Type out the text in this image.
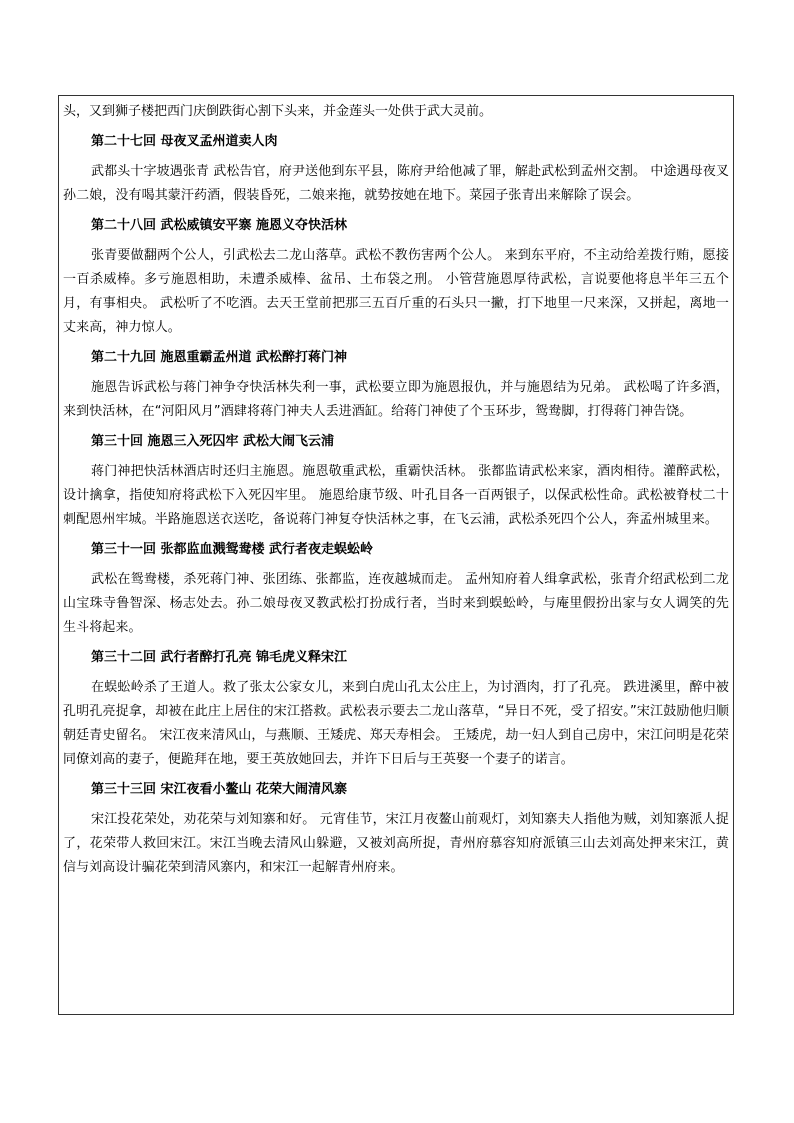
头，又到狮子楼把西门庆倒跌街心割下头来，并金莲头一处供于武大灵前。
第二十七回 母夜叉孟州道卖人肉
武都头十字坡遇张青 武松告官，府尹送他到东平县，陈府尹给他减了罪，解赴武松到孟州交割。 中途遇母夜叉孙二娘，没有喝其蒙汗药酒，假装昏死，二娘来拖，就势按她在地下。菜园子张青出来解除了误会。
第二十八回 武松威镇安平寨 施恩义夺快活林
张青要做翻两个公人，引武松去二龙山落草。武松不教伤害两个公人。 来到东平府，不主动给差拨行贿，愿接一百杀威棒。多亏施恩相助，未遭杀威棒、盆吊、土布袋之刑。 小管营施恩厚待武松，言说要他将息半年三五个月，有事相央。 武松听了不吃酒。去天王堂前把那三五百斤重的石头只一撇，打下地里一尺来深，又拼起，离地一丈来高，神力惊人。
第二十九回 施恩重霸孟州道 武松醉打蒋门神
施恩告诉武松与蒋门神争夺快活林失利一事，武松要立即为施恩报仇，并与施恩结为兄弟。 武松喝了许多酒，来到快活林，在“河阳风月”酒肆将蒋门神夫人丢进酒缸。给蒋门神使了个玉环步，鸳鸯脚，打得蒋门神告饶。
第三十回 施恩三入死囚牢 武松大闹飞云浦
蒋门神把快活林酒店时还归主施恩。施恩敬重武松，重霸快活林。 张都监请武松来家，酒肉相待。灌醉武松，设计擒拿，指使知府将武松下入死囚牢里。 施恩给康节级、叶孔目各一百两银子，以保武松性命。武松被脊杖二十刺配恩州牢城。半路施恩送衣送吃，备说蒋门神复夺快活林之事，在飞云浦，武松杀死四个公人，奔孟州城里来。
第三十一回 张都监血溅鸳鸯楼 武行者夜走蜈蚣岭
武松在鸳鸯楼，杀死蒋门神、张团练、张都监，连夜越城而走。 孟州知府着人缉拿武松，张青介绍武松到二龙山宝珠寺鲁智深、杨志处去。孙二娘母夜叉教武松打扮成行者，当时来到蜈蚣岭，与庵里假扮出家与女人调笑的先生斗将起来。
第三十二回 武行者醉打孔亮 锦毛虎义释宋江
在蜈蚣岭杀了王道人。救了张太公家女儿，来到白虎山孔太公庄上，为讨酒肉，打了孔亮。 跌进溪里，醉中被孔明孔亮捉拿，却被在此庄上居住的宋江搭救。武松表示要去二龙山落草，“异日不死，受了招安。”宋江鼓励他归顺朝廷青史留名。 宋江夜来清风山，与燕顺、王矮虎、郑天寿相会。 王矮虎，劫一妇人到自己房中，宋江问明是花荣同僚刘高的妻子，便跪拜在地，要王英放她回去，并许下日后与王英娶一个妻子的诺言。
第三十三回 宋江夜看小鳌山 花荣大闹清风寨
宋江投花荣处，劝花荣与刘知寨和好。 元宵佳节，宋江月夜鳌山前观灯，刘知寨夫人指他为贼，刘知寨派人捉了，花荣带人救回宋江。宋江当晚去清风山躲避，又被刘高所捉，青州府慕容知府派镇三山去刘高处押来宋江，黄信与刘高设计骗花荣到清风寨内，和宋江一起解青州府来。
